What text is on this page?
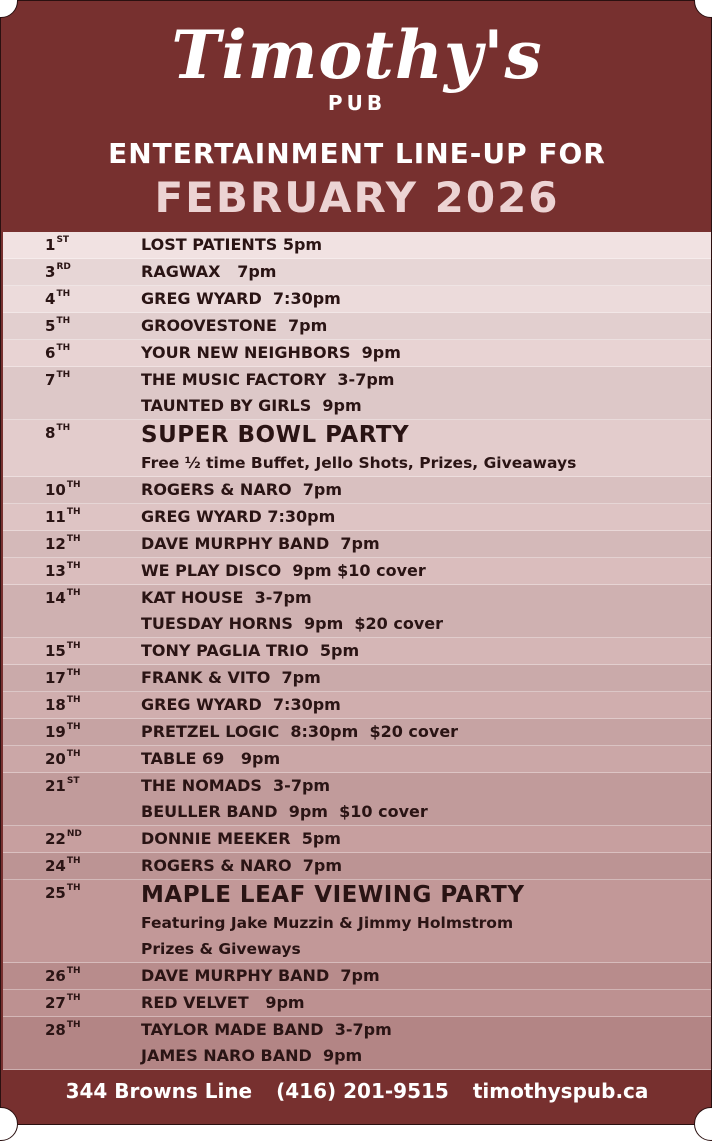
Timothy's
PUB
ENTERTAINMENT LINE-UP FOR
FEBRUARY 2026
1ST	LOST PATIENTS 5pm
3RD	RAGWAX   7pm
4TH	GREG WYARD  7:30pm
5TH	GROOVESTONE  7pm
6TH	YOUR NEW NEIGHBORS  9pm
7TH	THE MUSIC FACTORY  3-7pm
TAUNTED BY GIRLS  9pm
8TH	SUPER BOWL PARTY
Free ½ time Buffet, Jello Shots, Prizes, Giveaways
10TH	ROGERS & NARO  7pm
11TH	GREG WYARD 7:30pm
12TH	DAVE MURPHY BAND  7pm
13TH	WE PLAY DISCO  9pm $10 cover
14TH	KAT HOUSE  3-7pm
TUESDAY HORNS  9pm  $20 cover
15TH	TONY PAGLIA TRIO  5pm
17TH	FRANK & VITO  7pm
18TH	GREG WYARD  7:30pm
19TH	PRETZEL LOGIC  8:30pm  $20 cover
20TH	TABLE 69   9pm
21ST	THE NOMADS  3-7pm
BEULLER BAND  9pm  $10 cover
22ND	DONNIE MEEKER  5pm
24TH	ROGERS & NARO  7pm
25TH	MAPLE LEAF VIEWING PARTY
Featuring Jake Muzzin & Jimmy Holmstrom
Prizes & Giveways
26TH	DAVE MURPHY BAND  7pm
27TH	RED VELVET   9pm
28TH	TAYLOR MADE BAND  3-7pm
JAMES NARO BAND  9pm
344 Browns Line (416) 201-9515 timothyspub.ca
